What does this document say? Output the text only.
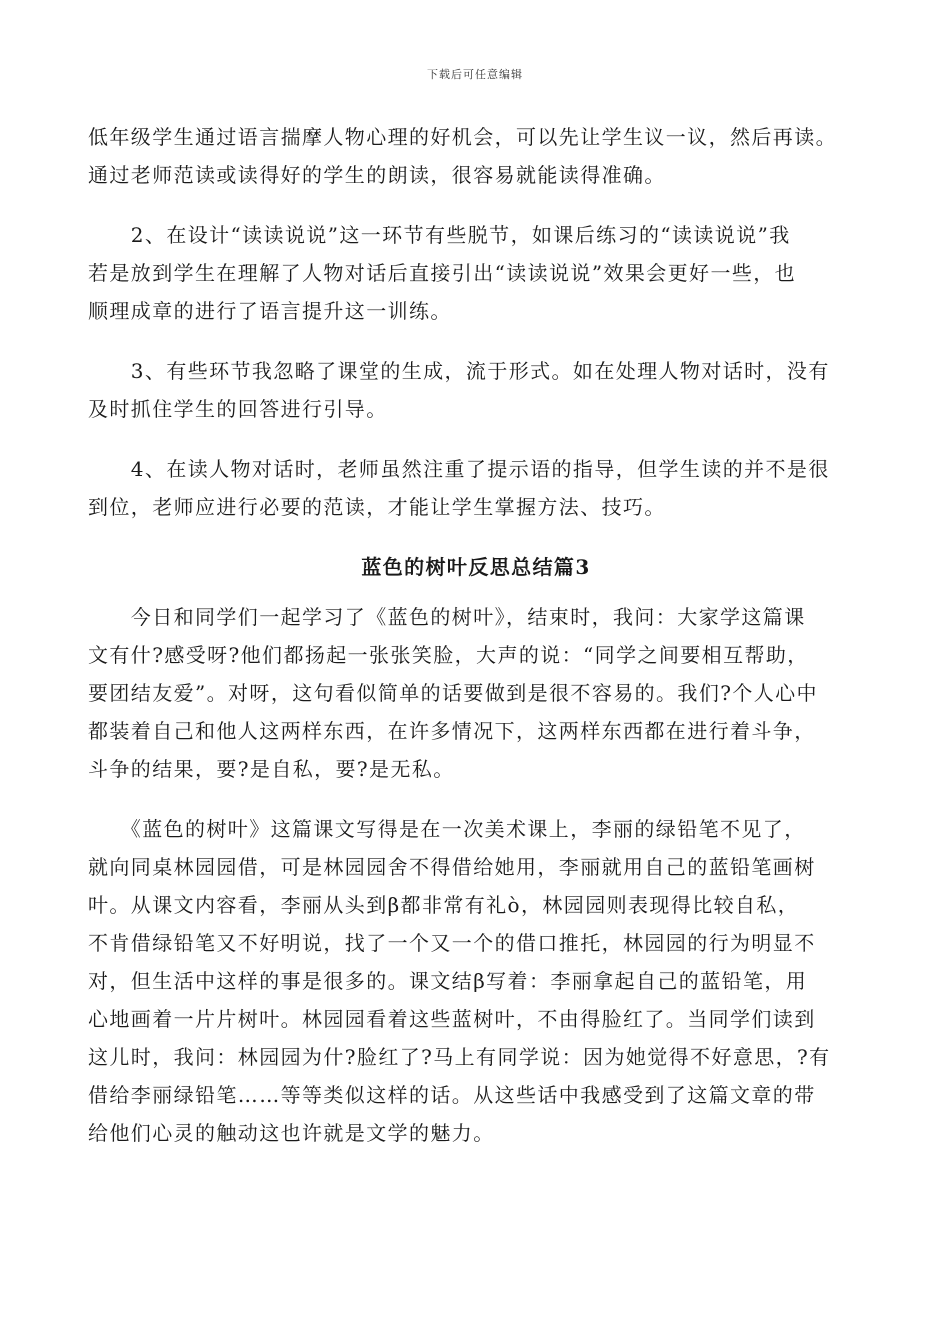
下载后可任意编辑

低年级学生通过语言揣摩人物心理的好机会，可以先让学生议一议，然后再读。
通过老师范读或读得好的学生的朗读，很容易就能读得准确。

　　2、在设计“读读说说”这一环节有些脱节，如课后练习的“读读说说”我
若是放到学生在理解了人物对话后直接引出“读读说说”效果会更好一些，也
顺理成章的进行了语言提升这一训练。

　　3、有些环节我忽略了课堂的生成，流于形式。如在处理人物对话时，没有
及时抓住学生的回答进行引导。

　　4、在读人物对话时，老师虽然注重了提示语的指导，但学生读的并不是很
到位，老师应进行必要的范读，才能让学生掌握方法、技巧。

蓝色的树叶反思总结篇3

　　今日和同学们一起学习了《蓝色的树叶》，结束时，我问：大家学这篇课
文有什?感受呀?他们都扬起一张张笑脸，大声的说：“同学之间要相互帮助，
要团结友爱”。对呀，这句看似简单的话要做到是很不容易的。我们?个人心中
都装着自己和他人这两样东西，在许多情况下，这两样东西都在进行着斗争，
斗争的结果，要?是自私，要?是无私。

　　《蓝色的树叶》这篇课文写得是在一次美术课上，李丽的绿铅笔不见了，
就向同桌林园园借，可是林园园舍不得借给她用，李丽就用自己的蓝铅笔画树
叶。从课文内容看，李丽从头到β都非常有礼ò，林园园则表现得比较自私，
不肯借绿铅笔又不好明说，找了一个又一个的借口推托，林园园的行为明显不
对，但生活中这样的事是很多的。课文结β写着：李丽拿起自己的蓝铅笔，用
心地画着一片片树叶。林园园看着这些蓝树叶，不由得脸红了。当同学们读到
这儿时，我问：林园园为什?脸红了?马上有同学说：因为她觉得不好意思，?有
借给李丽绿铅笔……等等类似这样的话。从这些话中我感受到了这篇文章的带
给他们心灵的触动这也许就是文学的魅力。
